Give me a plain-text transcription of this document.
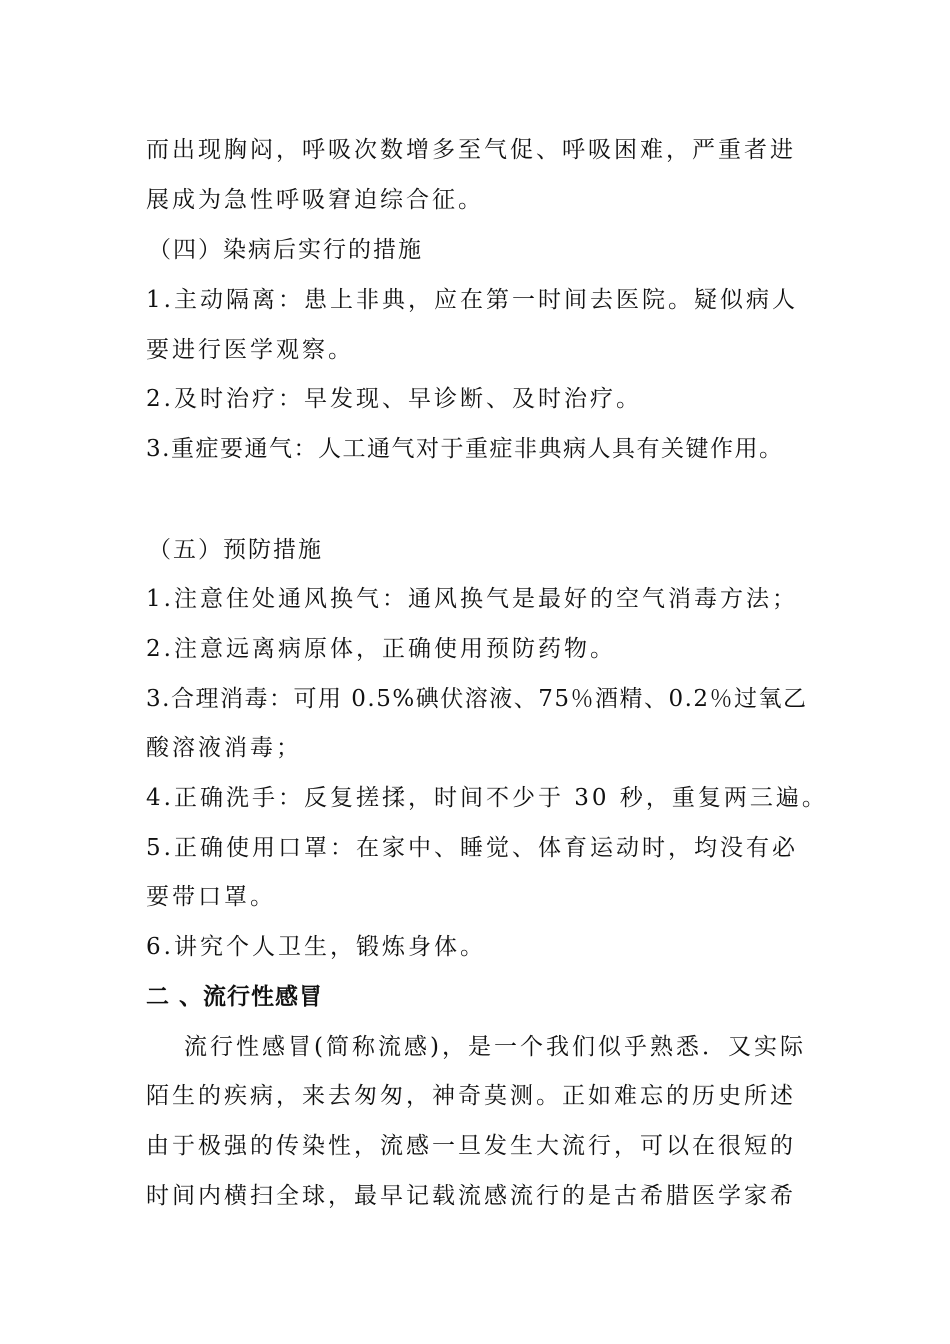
而出现胸闷，呼吸次数增多至气促、呼吸困难，严重者进
展成为急性呼吸窘迫综合征。
（四）染病后实行的措施
1.主动隔离：患上非典，应在第一时间去医院。疑似病人
要进行医学观察。
2.及时治疗：早发现、早诊断、及时治疗。
3.重症要通气：人工通气对于重症非典病人具有关键作用。
（五）预防措施
1.注意住处通风换气：通风换气是最好的空气消毒方法；
2.注意远离病原体，正确使用预防药物。
3.合理消毒：可用 0.5%碘伏溶液、75％酒精、0.2％过氧乙
酸溶液消毒；
4.正确洗手：反复搓揉，时间不少于 30 秒，重复两三遍。
5.正确使用口罩：在家中、睡觉、体育运动时，均没有必
要带口罩。
6.讲究个人卫生，锻炼身体。
二 、流行性感冒
流行性感冒(简称流感)，是一个我们似乎熟悉．又实际
陌生的疾病，来去匆匆，神奇莫测。正如难忘的历史所述
由于极强的传染性，流感一旦发生大流行，可以在很短的
时间内横扫全球，最早记载流感流行的是古希腊医学家希
